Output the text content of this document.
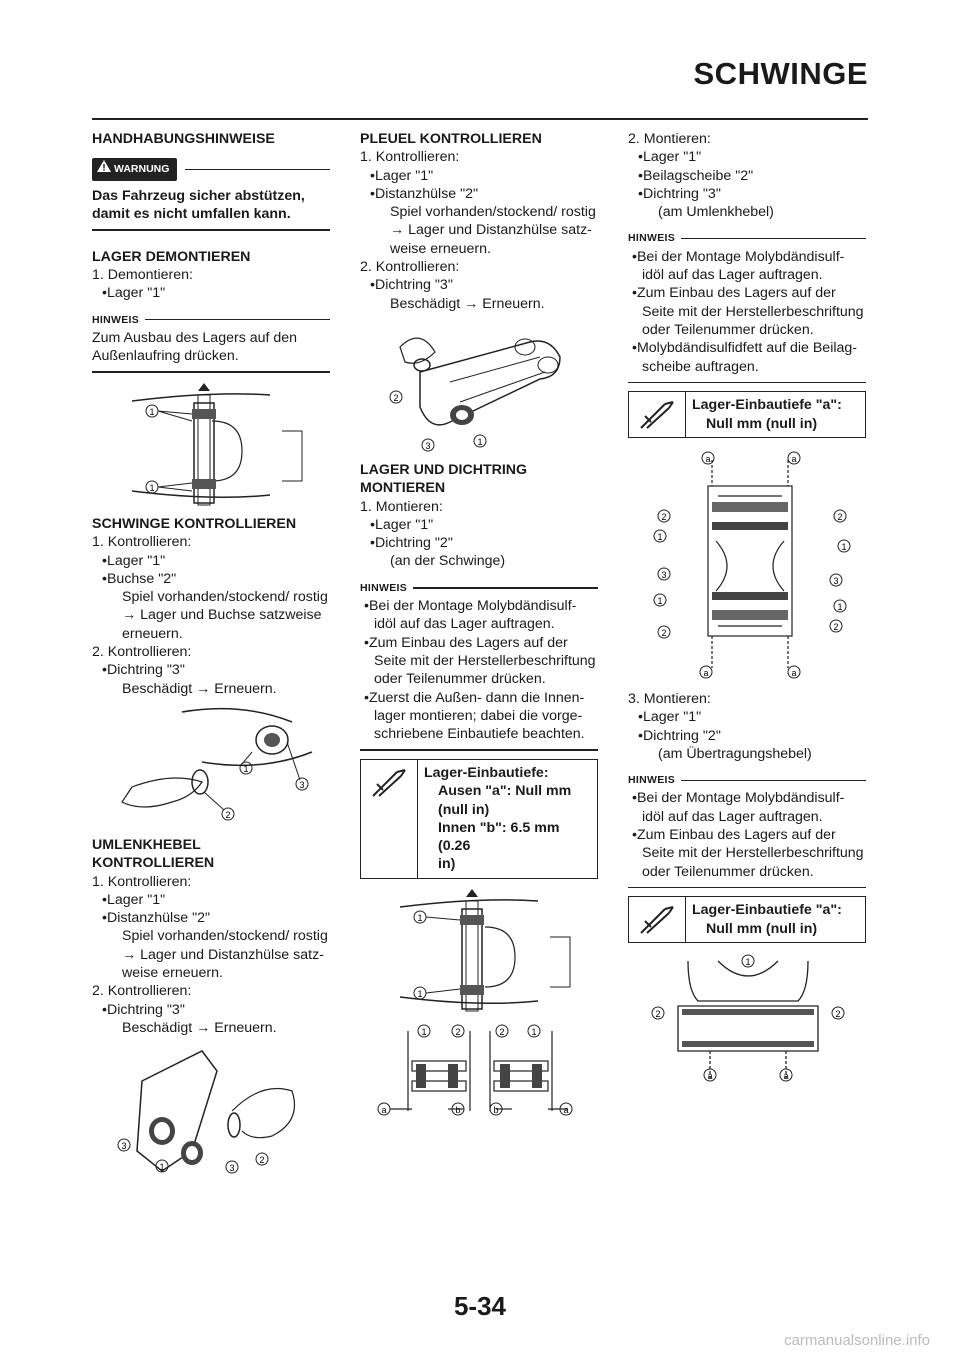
SCHWINGE
HANDHABUNGSHINWEISE
WARNUNG
Das Fahrzeug sicher abstützen, damit es nicht umfallen kann.
LAGER DEMONTIEREN
1. Demontieren:
•Lager "1"
HINWEIS
Zum Ausbau des Lagers auf den Außenlaufring drücken.
1
1
SCHWINGE KONTROLLIEREN
1. Kontrollieren:
•Lager "1"
•Buchse "2"
Spiel vorhanden/stockend/ rostig
→ Lager und Buchse satzweise erneuern.
2. Kontrollieren:
•Dichtring "3"
Beschädigt → Erneuern.
1
3
2
UMLENKHEBEL
KONTROLLIEREN
1. Kontrollieren:
•Lager "1"
•Distanzhülse "2"
Spiel vorhanden/stockend/ rostig
→ Lager und Distanzhülse satz-weise erneuern.
2. Kontrollieren:
•Dichtring "3"
Beschädigt → Erneuern.
3
1	3
2
PLEUEL KONTROLLIEREN
1. Kontrollieren:
•Lager "1"
•Distanzhülse "2"
Spiel vorhanden/stockend/ rostig
→ Lager und Distanzhülse satz-weise erneuern.
2. Kontrollieren:
•Dichtring "3"
Beschädigt → Erneuern.
2
3	1
LAGER UND DICHTRING
MONTIEREN
1. Montieren:
•Lager "1"
•Dichtring "2"
(an der Schwinge)
HINWEIS
•Bei der Montage Molybdändisulf-idöl auf das Lager auftragen.
•Zum Einbau des Lagers auf der Seite mit der Herstellerbeschriftung oder Teilenummer drücken.
•Zuerst die Außen- dann die Innen-lager montieren; dabei die vorge-schriebene Einbautiefe beachten.
Lager-Einbautiefe:
Ausen "a": Null mm
(null in)
Innen "b": 6.5 mm (0.26
in)
1
1
1	2	2	1
a	b	b	a
2. Montieren:
•Lager "1"
•Beilagscheibe "2"
•Dichtring "3"
(am Umlenkhebel)
HINWEIS
•Bei der Montage Molybdändisulf-idöl auf das Lager auftragen.
•Zum Einbau des Lagers auf der Seite mit der Herstellerbeschriftung oder Teilenummer drücken.
•Molybdändisulfidfett auf die Beilag-scheibe auftragen.
Lager-Einbautiefe "a":
Null mm (null in)
a	a
2	2
1
1
3
3
1
1
2
2
a	a
3. Montieren:
•Lager "1"
•Dichtring "2"
(am Übertragungshebel)
HINWEIS
•Bei der Montage Molybdändisulf-idöl auf das Lager auftragen.
•Zum Einbau des Lagers auf der Seite mit der Herstellerbeschriftung oder Teilenummer drücken.
Lager-Einbautiefe "a":
Null mm (null in)
1
2	2
a	a
5-34
carmanualsonline.info
